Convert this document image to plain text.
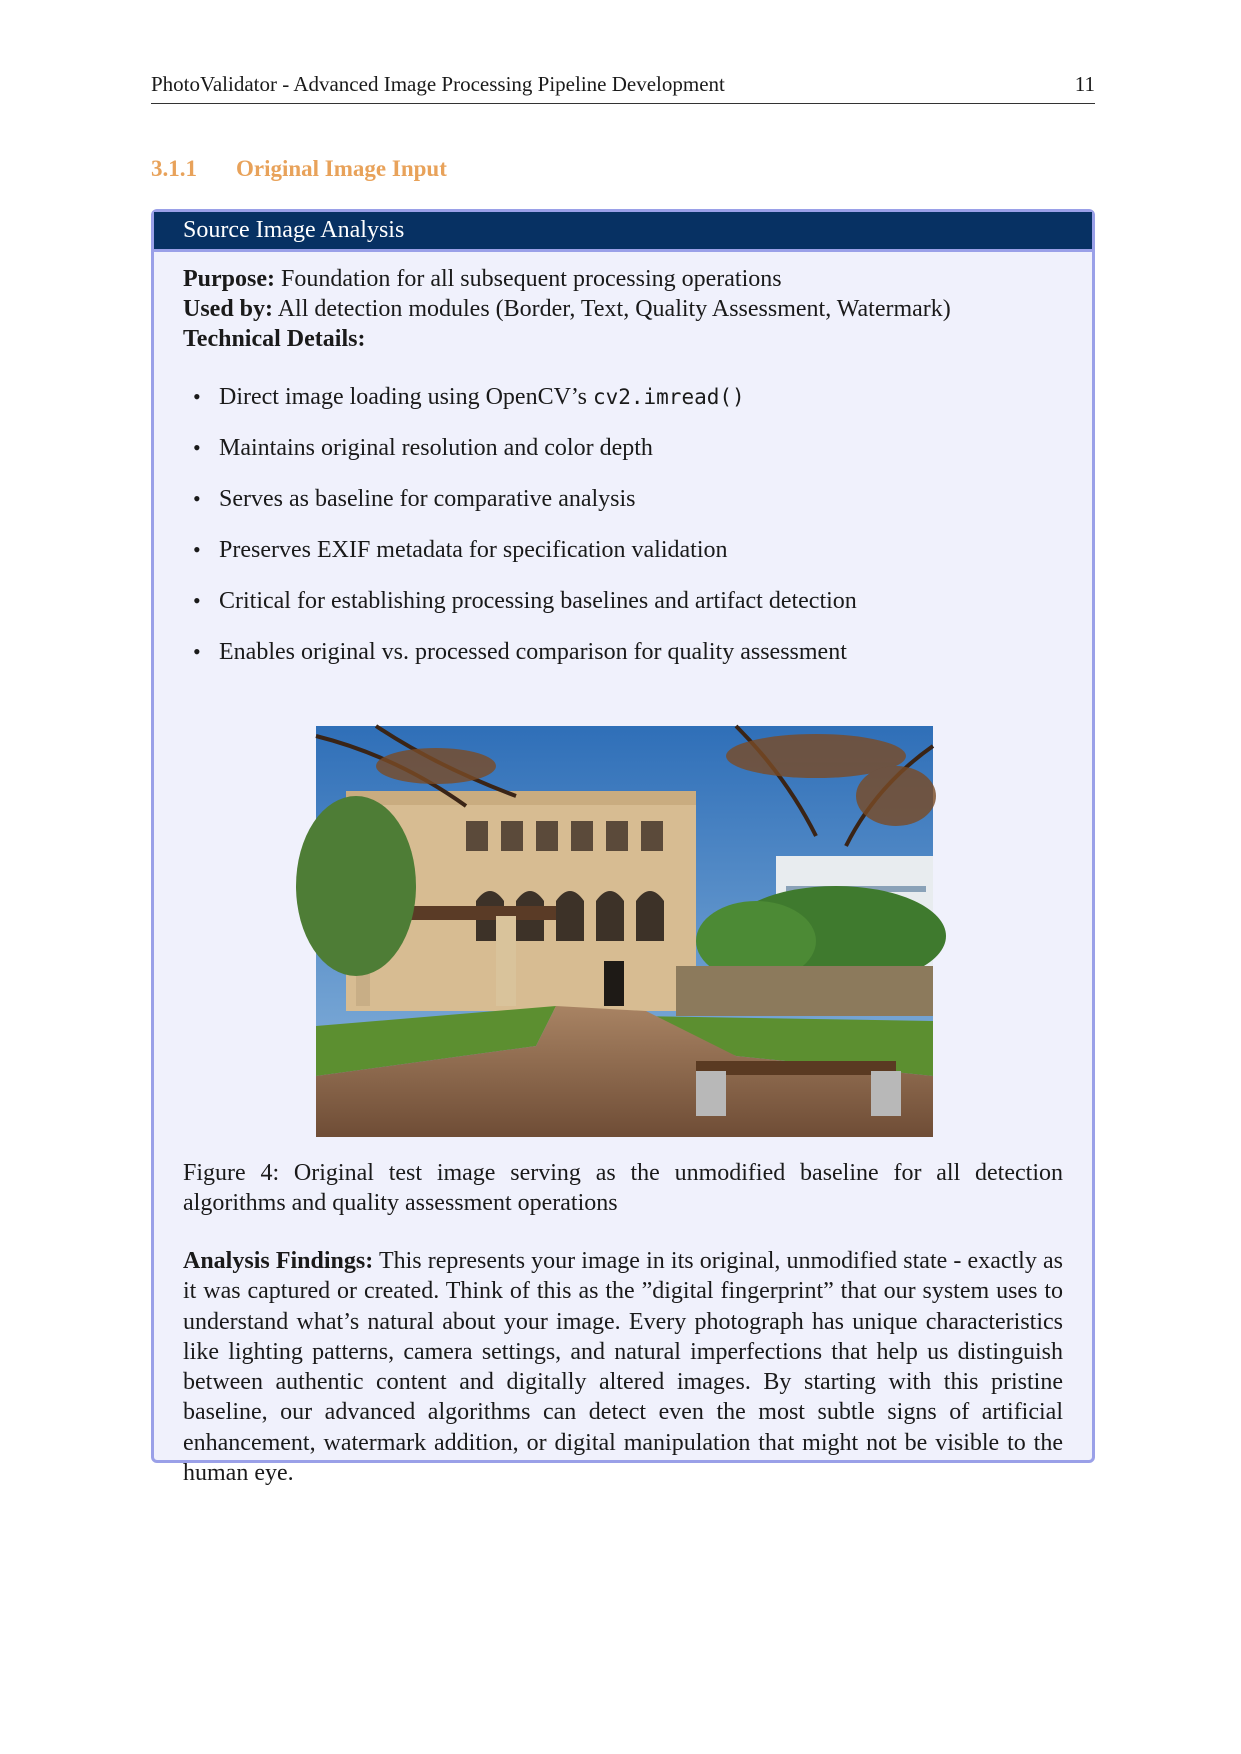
PhotoValidator - Advanced Image Processing Pipeline Development	11
3.1.1 Original Image Input
Source Image Analysis
Purpose: Foundation for all subsequent processing operations
Used by: All detection modules (Border, Text, Quality Assessment, Watermark)
Technical Details:
• Direct image loading using OpenCV’s cv2.imread()
• Maintains original resolution and color depth
• Serves as baseline for comparative analysis
• Preserves EXIF metadata for specification validation
• Critical for establishing processing baselines and artifact detection
• Enables original vs. processed comparison for quality assessment
Figure 4: Original test image serving as the unmodified baseline for all detection algorithms and quality assessment operations
Analysis Findings: This represents your image in its original, unmodified state - exactly as it was captured or created. Think of this as the ”digital fingerprint” that our system uses to understand what’s natural about your image. Every photograph has unique characteristics like lighting patterns, camera settings, and natural imperfections that help us distinguish between authentic content and digitally altered images. By starting with this pristine baseline, our advanced algorithms can detect even the most subtle signs of artificial enhancement, watermark addition, or digital manipulation that might not be visible to the human eye.
